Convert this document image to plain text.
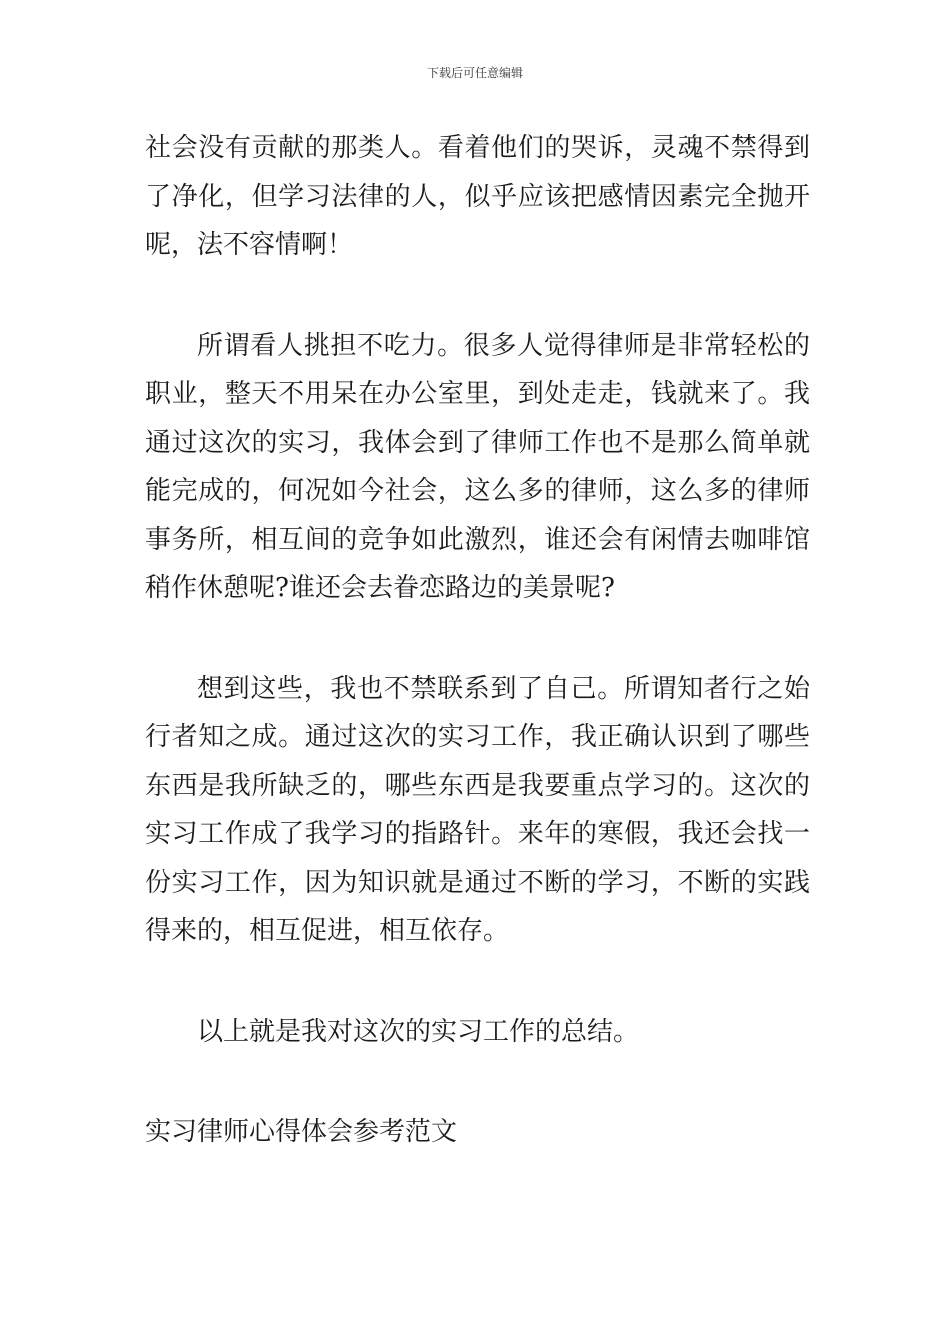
下载后可任意编辑

社会没有贡献的那类人。看着他们的哭诉，灵魂不禁得到了净化，但学习法律的人，似乎应该把感情因素完全抛开呢，法不容情啊！

所谓看人挑担不吃力。很多人觉得律师是非常轻松的职业，整天不用呆在办公室里，到处走走，钱就来了。我通过这次的实习，我体会到了律师工作也不是那么简单就能完成的，何况如今社会，这么多的律师，这么多的律师事务所，相互间的竞争如此激烈，谁还会有闲情去咖啡馆稍作休憩呢?谁还会去眷恋路边的美景呢?

想到这些，我也不禁联系到了自己。所谓知者行之始行者知之成。通过这次的实习工作，我正确认识到了哪些东西是我所缺乏的，哪些东西是我要重点学习的。这次的实习工作成了我学习的指路针。来年的寒假，我还会找一份实习工作，因为知识就是通过不断的学习，不断的实践得来的，相互促进，相互依存。

以上就是我对这次的实习工作的总结。

实习律师心得体会参考范文
